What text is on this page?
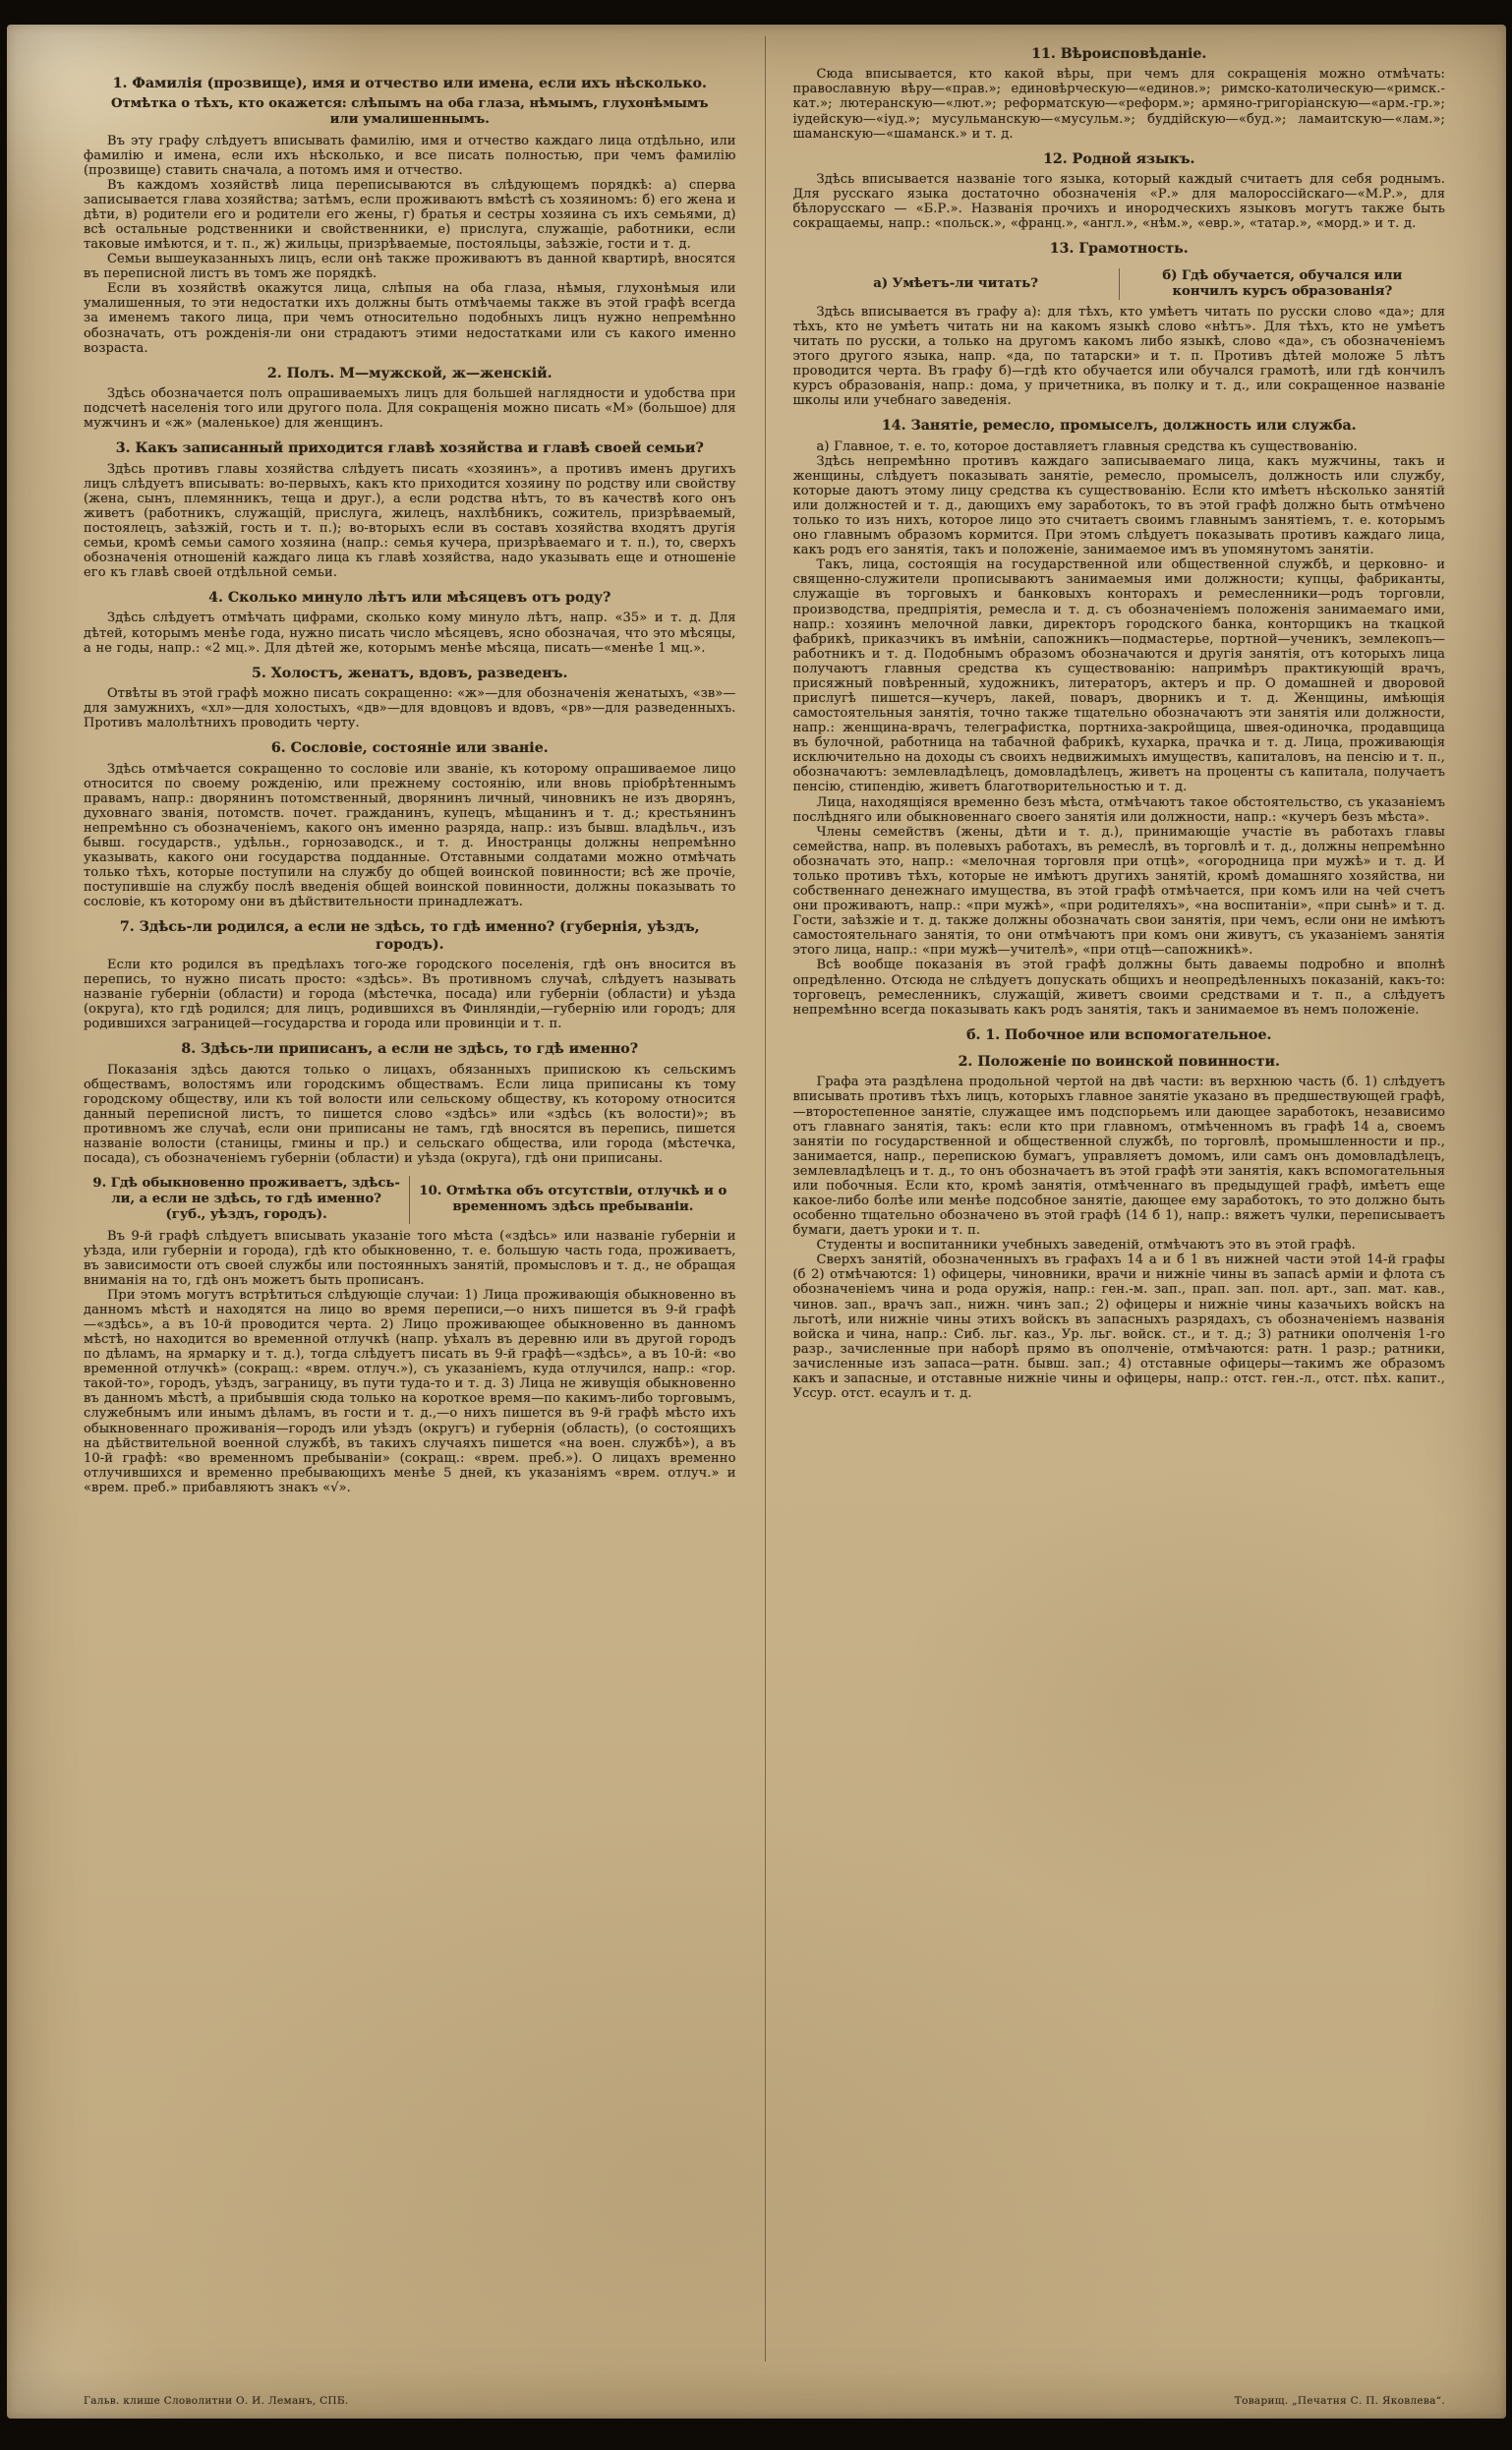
1. Фамилія (прозвище), имя и отчество или имена, если ихъ нѣсколько.
Отмѣтка о тѣхъ, кто окажется: слѣпымъ на оба глаза, нѣмымъ, глухонѣмымъ или умалишеннымъ.

Въ эту графу слѣдуетъ вписывать фамилію, имя и отчество каждаго лица отдѣльно, или фамилію и имена, если ихъ нѣсколько, и все писать полностью, при чемъ фамилію (прозвище) ставить сначала, а потомъ имя и отчество.

Въ каждомъ хозяйствѣ лица переписываются въ слѣдующемъ порядкѣ: а) сперва записывается глава хозяйства; затѣмъ, если проживаютъ вмѣстѣ съ хозяиномъ: б) его жена и дѣти, в) родители его и родители его жены, г) братья и сестры хозяина съ ихъ семьями, д) всѣ остальные родственники и свойственники, е) прислуга, служащіе, работники, если таковые имѣются, и т. п., ж) жильцы, призрѣваемые, постояльцы, заѣзжіе, гости и т. д.

Семьи вышеуказанныхъ лицъ, если онѣ также проживаютъ въ данной квартирѣ, вносятся въ переписной листъ въ томъ же порядкѣ.

Если въ хозяйствѣ окажутся лица, слѣпыя на оба глаза, нѣмыя, глухонѣмыя или умалишенныя, то эти недостатки ихъ должны быть отмѣчаемы также въ этой графѣ всегда за именемъ такого лица, при чемъ относительно подобныхъ лицъ нужно непремѣнно обозначать, отъ рожденія-ли они страдаютъ этими недостатками или съ какого именно возраста.

2. Полъ. М—мужской, ж—женскій.

Здѣсь обозначается полъ опрашиваемыхъ лицъ для большей наглядности и удобства при подсчетѣ населенія того или другого пола. Для сокращенія можно писать «М» (большое) для мужчинъ и «ж» (маленькое) для женщинъ.

3. Какъ записанный приходится главѣ хозяйства и главѣ своей семьи?

Здѣсь противъ главы хозяйства слѣдуетъ писать «хозяинъ», а противъ именъ другихъ лицъ слѣдуетъ вписывать: во-первыхъ, какъ кто приходится хозяину по родству или свойству (жена, сынъ, племянникъ, теща и друг.), а если родства нѣтъ, то въ качествѣ кого онъ живетъ (работникъ, служащій, прислуга, жилецъ, нахлѣбникъ, сожитель, призрѣваемый, постоялецъ, заѣзжій, гость и т. п.); во-вторыхъ если въ составъ хозяйства входятъ другія семьи, кромѣ семьи самого хозяина (напр.: семья кучера, призрѣваемаго и т. п.), то, сверхъ обозначенія отношеній каждаго лица къ главѣ хозяйства, надо указывать еще и отношеніе его къ главѣ своей отдѣльной семьи.

4. Сколько минуло лѣтъ или мѣсяцевъ отъ роду?

Здѣсь слѣдуетъ отмѣчать цифрами, сколько кому минуло лѣтъ, напр. «35» и т. д. Для дѣтей, которымъ менѣе года, нужно писать число мѣсяцевъ, ясно обозначая, что это мѣсяцы, а не годы, напр.: «2 мц.». Для дѣтей же, которымъ менѣе мѣсяца, писать—«менѣе 1 мц.».

5. Холостъ, женатъ, вдовъ, разведенъ.

Отвѣты въ этой графѣ можно писать сокращенно: «ж»—для обозначенія женатыхъ, «зв»—для замужнихъ, «хл»—для холостыхъ, «дв»—для вдовцовъ и вдовъ, «рв»—для разведенныхъ. Противъ малолѣтнихъ проводить черту.

6. Сословіе, состояніе или званіе.

Здѣсь отмѣчается сокращенно то сословіе или званіе, къ которому опрашиваемое лицо относится по своему рожденію, или прежнему состоянію, или вновь пріобрѣтеннымъ правамъ, напр.: дворянинъ потомственный, дворянинъ личный, чиновникъ не изъ дворянъ, духовнаго званія, потомств. почет. гражданинъ, купецъ, мѣщанинъ и т. д.; крестьянинъ непремѣнно съ обозначеніемъ, какого онъ именно разряда, напр.: изъ бывш. владѣльч., изъ бывш. государств., удѣльн., горнозаводск., и т. д. Иностранцы должны непремѣнно указывать, какого они государства подданные. Отставными солдатами можно отмѣчать только тѣхъ, которые поступили на службу до общей воинской повинности; всѣ же прочіе, поступившіе на службу послѣ введенія общей воинской повинности, должны показывать то сословіе, къ которому они въ дѣйствительности принадлежатъ.

7. Здѣсь-ли родился, а если не здѣсь, то гдѣ именно? (губернія, уѣздъ, городъ).

Если кто родился въ предѣлахъ того-же городского поселенія, гдѣ онъ вносится въ перепись, то нужно писать просто: «здѣсь». Въ противномъ случаѣ, слѣдуетъ называть названіе губерніи (области) и города (мѣстечка, посада) или губерніи (области) и уѣзда (округа), кто гдѣ родился; для лицъ, родившихся въ Финляндіи,—губернію или городъ; для родившихся заграницей—государства и города или провинціи и т. п.

8. Здѣсь-ли приписанъ, а если не здѣсь, то гдѣ именно?

Показанія здѣсь даются только о лицахъ, обязанныхъ припискою къ сельскимъ обществамъ, волостямъ или городскимъ обществамъ. Если лица приписаны къ тому городскому обществу, или къ той волости или сельскому обществу, къ которому относится данный переписной листъ, то пишется слово «здѣсь» или «здѣсь (къ волости)»; въ противномъ же случаѣ, если они приписаны не тамъ, гдѣ вносятся въ перепись, пишется названіе волости (станицы, гмины и пр.) и сельскаго общества, или города (мѣстечка, посада), съ обозначеніемъ губерніи (области) и уѣзда (округа), гдѣ они приписаны.

9. Гдѣ обыкновенно проживаетъ, здѣсь-ли, а если не здѣсь, то гдѣ именно? (губ., уѣздъ, городъ).
10. Отмѣтка объ отсутствіи, отлучкѣ и о временномъ здѣсь пребываніи.

Въ 9-й графѣ слѣдуетъ вписывать указаніе того мѣста («здѣсь» или названіе губерніи и уѣзда, или губерніи и города), гдѣ кто обыкновенно, т. е. большую часть года, проживаетъ, въ зависимости отъ своей службы или постоянныхъ занятій, промысловъ и т. д., не обращая вниманія на то, гдѣ онъ можетъ быть прописанъ.

При этомъ могутъ встрѣтиться слѣдующіе случаи: 1) Лица проживающія обыкновенно въ данномъ мѣстѣ и находятся на лицо во время переписи,—о нихъ пишется въ 9-й графѣ—«здѣсь», а въ 10-й проводится черта. 2) Лицо проживающее обыкновенно въ данномъ мѣстѣ, но находится во временной отлучкѣ (напр. уѣхалъ въ деревню или въ другой городъ по дѣламъ, на ярмарку и т. д.), тогда слѣдуетъ писать въ 9-й графѣ—«здѣсь», а въ 10-й: «во временной отлучкѣ» (сокращ.: «врем. отлуч.»), съ указаніемъ, куда отлучился, напр.: «гор. такой-то», городъ, уѣздъ, заграницу, въ пути туда-то и т. д. 3) Лица не живущія обыкновенно въ данномъ мѣстѣ, а прибывшія сюда только на короткое время—по какимъ-либо торговымъ, служебнымъ или инымъ дѣламъ, въ гости и т. д.,—о нихъ пишется въ 9-й графѣ мѣсто ихъ обыкновеннаго проживанія—городъ или уѣздъ (округъ) и губернія (область), (о состоящихъ на дѣйствительной военной службѣ, въ такихъ случаяхъ пишется «на воен. службѣ»), а въ 10-й графѣ: «во временномъ пребываніи» (сокращ.: «врем. преб.»). О лицахъ временно отлучившихся и временно пребывающихъ менѣе 5 дней, къ указаніямъ «врем. отлуч.» и «врем. преб.» прибавляютъ знакъ «√».

11. Вѣроисповѣданіе.

Сюда вписывается, кто какой вѣры, при чемъ для сокращенія можно отмѣчать: православную вѣру—«прав.»; единовѣрческую—«единов.»; римско-католическую—«римск.-кат.»; лютеранскую—«лют.»; реформатскую—«реформ.»; армяно-григоріанскую—«арм.-гр.»; іудейскую—«іуд.»; мусульманскую—«мусульм.»; буддійскую—«буд.»; ламаитскую—«лам.»; шаманскую—«шаманск.» и т. д.

12. Родной языкъ.

Здѣсь вписывается названіе того языка, который каждый считаетъ для себя роднымъ. Для русскаго языка достаточно обозначенія «Р.» для малороссійскаго—«М.Р.», для бѣлорусскаго — «Б.Р.». Названія прочихъ и инородческихъ языковъ могутъ также быть сокращаемы, напр.: «польск.», «франц.», «англ.», «нѣм.», «евр.», «татар.», «морд.» и т. д.

13. Грамотность.
а) Умѣетъ-ли читать?
б) Гдѣ обучается, обучался или кончилъ курсъ образованія?

Здѣсь вписывается въ графу а): для тѣхъ, кто умѣетъ читать по русски слово «да»; для тѣхъ, кто не умѣетъ читать ни на какомъ языкѣ слово «нѣтъ». Для тѣхъ, кто не умѣетъ читать по русски, а только на другомъ какомъ либо языкѣ, слово «да», съ обозначеніемъ этого другого языка, напр. «да, по татарски» и т. п. Противъ дѣтей моложе 5 лѣтъ проводится черта. Въ графу б)—гдѣ кто обучается или обучался грамотѣ, или гдѣ кончилъ курсъ образованія, напр.: дома, у причетника, въ полку и т. д., или сокращенное названіе школы или учебнаго заведенія.

14. Занятіе, ремесло, промыселъ, должность или служба.

а) Главное, т. е. то, которое доставляетъ главныя средства къ существованію.

Здѣсь непремѣнно противъ каждаго записываемаго лица, какъ мужчины, такъ и женщины, слѣдуетъ показывать занятіе, ремесло, промыселъ, должность или службу, которые даютъ этому лицу средства къ существованію. Если кто имѣетъ нѣсколько занятій или должностей и т. д., дающихъ ему заработокъ, то въ этой графѣ должно быть отмѣчено только то изъ нихъ, которое лицо это считаетъ своимъ главнымъ занятіемъ, т. е. которымъ оно главнымъ образомъ кормится. При этомъ слѣдуетъ показывать противъ каждаго лица, какъ родъ его занятія, такъ и положеніе, занимаемое имъ въ упомянутомъ занятіи.

Такъ, лица, состоящія на государственной или общественной службѣ, и церковно- и священно-служители прописываютъ занимаемыя ими должности; купцы, фабриканты, служащіе въ торговыхъ и банковыхъ конторахъ и ремесленники—родъ торговли, производства, предпріятія, ремесла и т. д. съ обозначеніемъ положенія занимаемаго ими, напр.: хозяинъ мелочной лавки, директоръ городского банка, конторщикъ на ткацкой фабрикѣ, приказчикъ въ имѣніи, сапожникъ—подмастерье, портной—ученикъ, землекопъ—работникъ и т. д. Подобнымъ образомъ обозначаются и другія занятія, отъ которыхъ лица получаютъ главныя средства къ существованію: напримѣръ практикующій врачъ, присяжный повѣренный, художникъ, литераторъ, актеръ и пр. О домашней и дворовой прислугѣ пишется—кучеръ, лакей, поваръ, дворникъ и т. д. Женщины, имѣющія самостоятельныя занятія, точно также тщательно обозначаютъ эти занятія или должности, напр.: женщина-врачъ, телеграфистка, портниха-закройщица, швея-одиночка, продавщица въ булочной, работница на табачной фабрикѣ, кухарка, прачка и т. д. Лица, проживающія исключительно на доходы съ своихъ недвижимыхъ имуществъ, капиталовъ, на пенсію и т. п., обозначаютъ: землевладѣлецъ, домовладѣлецъ, живетъ на проценты съ капитала, получаетъ пенсію, стипендію, живетъ благотворительностью и т. д.

Лица, находящіяся временно безъ мѣста, отмѣчаютъ такое обстоятельство, съ указаніемъ послѣдняго или обыкновеннаго своего занятія или должности, напр.: «кучеръ безъ мѣста».

Члены семействъ (жены, дѣти и т. д.), принимающіе участіе въ работахъ главы семейства, напр. въ полевыхъ работахъ, въ ремеслѣ, въ торговлѣ и т. д., должны непремѣнно обозначать это, напр.: «мелочная торговля при отцѣ», «огородница при мужѣ» и т. д. И только противъ тѣхъ, которые не имѣютъ другихъ занятій, кромѣ домашняго хозяйства, ни собственнаго денежнаго имущества, въ этой графѣ отмѣчается, при комъ или на чей счетъ они проживаютъ, напр.: «при мужѣ», «при родителяхъ», «на воспитаніи», «при сынѣ» и т. д. Гости, заѣзжіе и т. д. также должны обозначать свои занятія, при чемъ, если они не имѣютъ самостоятельнаго занятія, то они отмѣчаютъ при комъ они живутъ, съ указаніемъ занятія этого лица, напр.: «при мужѣ—учителѣ», «при отцѣ—сапожникѣ».

Всѣ вообще показанія въ этой графѣ должны быть даваемы подробно и вполнѣ опредѣленно. Отсюда не слѣдуетъ допускать общихъ и неопредѣленныхъ показаній, какъ-то: торговецъ, ремесленникъ, служащій, живетъ своими средствами и т. п., а слѣдуетъ непремѣнно всегда показывать какъ родъ занятія, такъ и занимаемое въ немъ положеніе.

б. 1. Побочное или вспомогательное.
2. Положеніе по воинской повинности.

Графа эта раздѣлена продольной чертой на двѣ части: въ верхнюю часть (б. 1) слѣдуетъ вписывать противъ тѣхъ лицъ, которыхъ главное занятіе указано въ предшествующей графѣ,—второстепенное занятіе, служащее имъ подспорьемъ или дающее заработокъ, независимо отъ главнаго занятія, такъ: если кто при главномъ, отмѣченномъ въ графѣ 14 а, своемъ занятіи по государственной и общественной службѣ, по торговлѣ, промышленности и пр., занимается, напр., перепискою бумагъ, управляетъ домомъ, или самъ онъ домовладѣлецъ, землевладѣлецъ и т. д., то онъ обозначаетъ въ этой графѣ эти занятія, какъ вспомогательныя или побочныя. Если кто, кромѣ занятія, отмѣченнаго въ предыдущей графѣ, имѣетъ еще какое-либо болѣе или менѣе подсобное занятіе, дающее ему заработокъ, то это должно быть особенно тщательно обозначено въ этой графѣ (14 б 1), напр.: вяжетъ чулки, переписываетъ бумаги, даетъ уроки и т. п.

Студенты и воспитанники учебныхъ заведеній, отмѣчаютъ это въ этой графѣ.

Сверхъ занятій, обозначенныхъ въ графахъ 14 а и б 1 въ нижней части этой 14-й графы (б 2) отмѣчаются: 1) офицеры, чиновники, врачи и нижніе чины въ запасѣ арміи и флота съ обозначеніемъ чина и рода оружія, напр.: ген.-м. зап., прап. зап. пол. арт., зап. мат. кав., чинов. зап., врачъ зап., нижн. чинъ зап.; 2) офицеры и нижніе чины казачьихъ войскъ на льготѣ, или нижніе чины этихъ войскъ въ запасныхъ разрядахъ, съ обозначеніемъ названія войска и чина, напр.: Сиб. льг. каз., Ур. льг. войск. ст., и т. д.; 3) ратники ополченія 1-го разр., зачисленные при наборѣ прямо въ ополченіе, отмѣчаются: ратн. 1 разр.; ратники, зачисленные изъ запаса—ратн. бывш. зап.; 4) отставные офицеры—такимъ же образомъ какъ и запасные, и отставные нижніе чины и офицеры, напр.: отст. ген.-л., отст. пѣх. капит., Уссур. отст. есаулъ и т. д.

Гальв. клише Словолитни О. И. Леманъ, СПБ.	Товарищ. „Печатня С. П. Яковлева“.
